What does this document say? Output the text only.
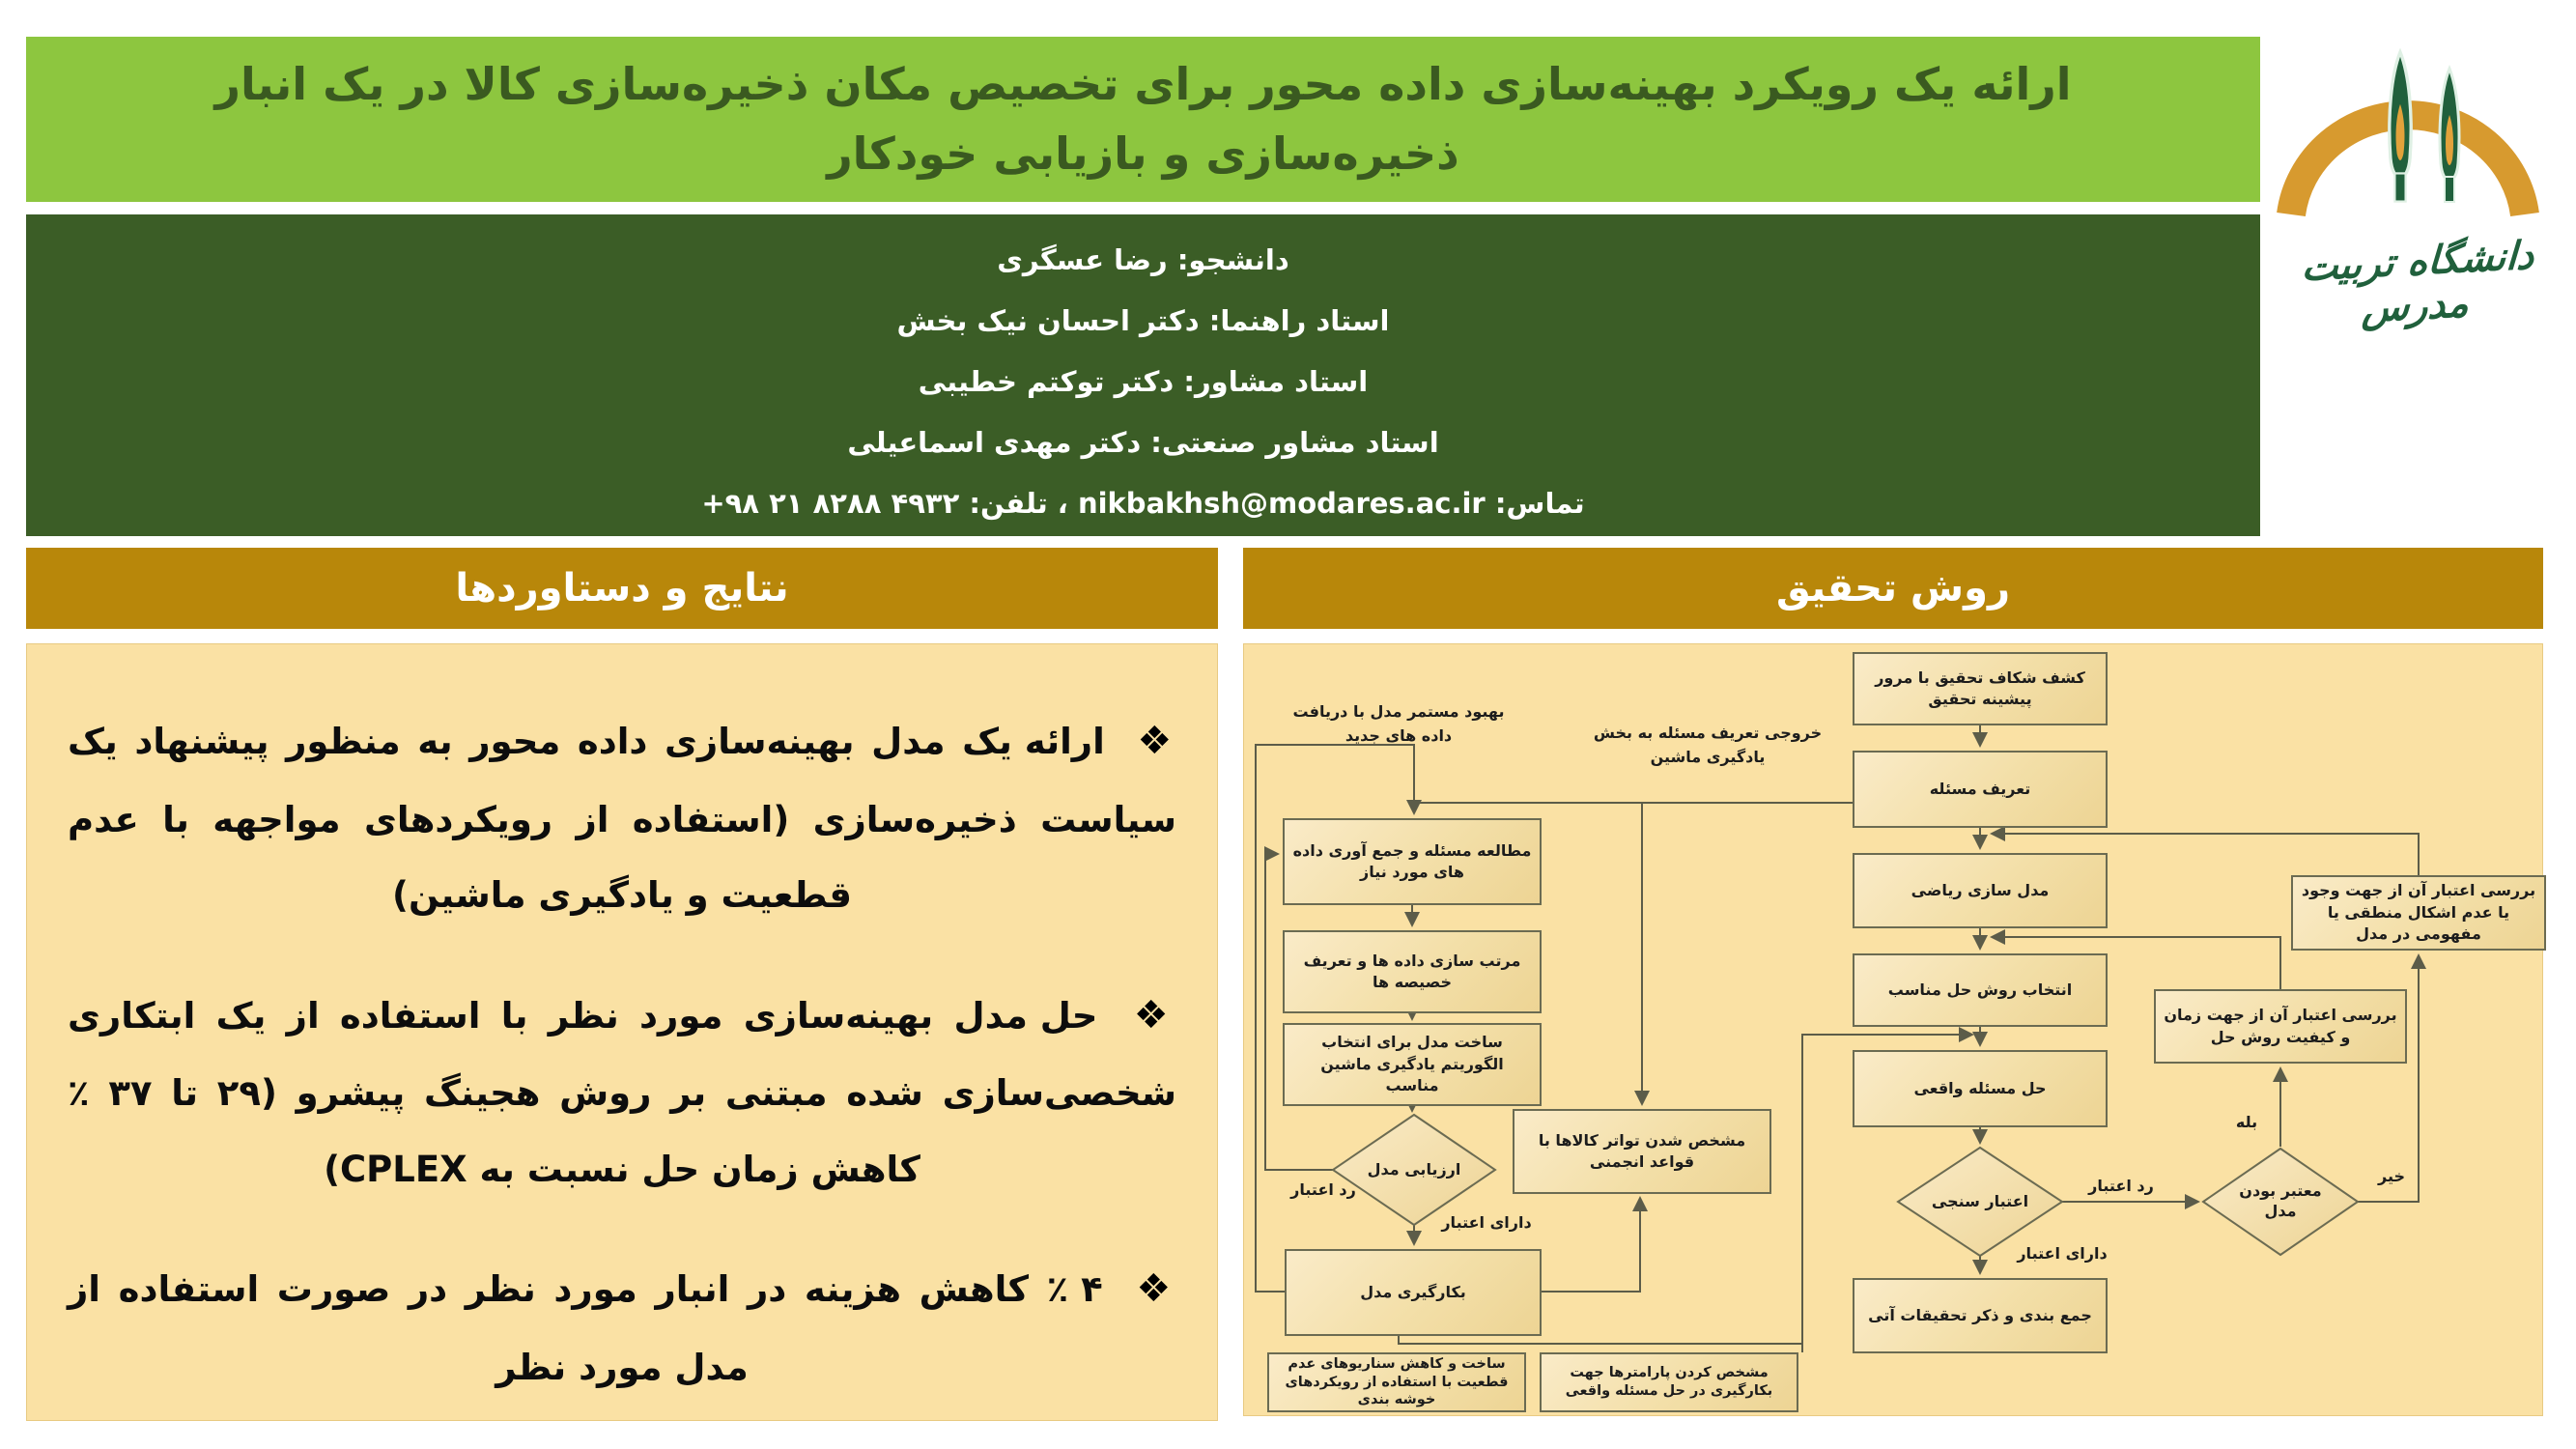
ارائه یک رویکرد بهینه‌سازی داده محور برای تخصیص مکان ذخیره‌سازی کالا در یک انبار ذخیره‌سازی و بازیابی خودکار
دانشجو: رضا عسگری
استاد راهنما: دکتر احسان نیک بخش
استاد مشاور: دکتر توکتم خطیبی
استاد مشاور صنعتی: دکتر مهدی اسماعیلی
تماس: nikbakhsh@modares.ac.ir ، تلفن: +۹۸ ۲۱ ۸۲۸۸ ۴۹۳۲
دانشگاه تربیت مدرس
نتایج و دستاوردها	روش تحقیق
❖ ارائه یک مدل بهینه‌سازی داده محور به منظور پیشنهاد یک سیاست ذخیره‌سازی (استفاده از رویکردهای مواجهه با عدم قطعیت و یادگیری ماشین)
❖ حل مدل بهینه‌سازی مورد نظر با استفاده از یک ابتکاری شخصی‌سازی شده مبتنی بر روش هجینگ پیشرو (۲۹ تا ۳۷ ٪ کاهش زمان حل نسبت به CPLEX)
❖ ۴ ٪ کاهش هزینه در انبار مورد نظر در صورت استفاده از مدل مورد نظر
کشف شکاف تحقیق با مرور پیشینه تحقیق
تعریف مسئله
مدل سازی ریاضی
انتخاب روش حل مناسب
حل مسئله واقعی
جمع بندی و ذکر تحقیقات آتی
بررسی اعتبار آن از جهت وجود یا عدم اشکال منطقی یا مفهومی در مدل
بررسی اعتبار آن از جهت زمان و کیفیت روش حل
مطالعه مسئله و جمع آوری داده های مورد نیاز
مرتب سازی داده ها و تعریف خصیصه ها
ساخت مدل برای انتخاب الگوریتم یادگیری ماشین مناسب
بکارگیری مدل
مشخص شدن تواتر کالاها با قواعد انجمنی
ساخت و کاهش سناریوهای عدم قطعیت با استفاده از رویکردهای خوشه بندی
مشخص کردن پارامترها جهت بکارگیری در حل مسئله واقعی
ارزیابی مدل
اعتبار سنجی
معتبر بودن مدل
رد اعتبار
دارای اعتبار
رد اعتبار
دارای اعتبار
بله
خیر
بهبود مستمر مدل با دریافت داده های جدید	خروجی تعریف مسئله به بخش یادگیری ماشین
